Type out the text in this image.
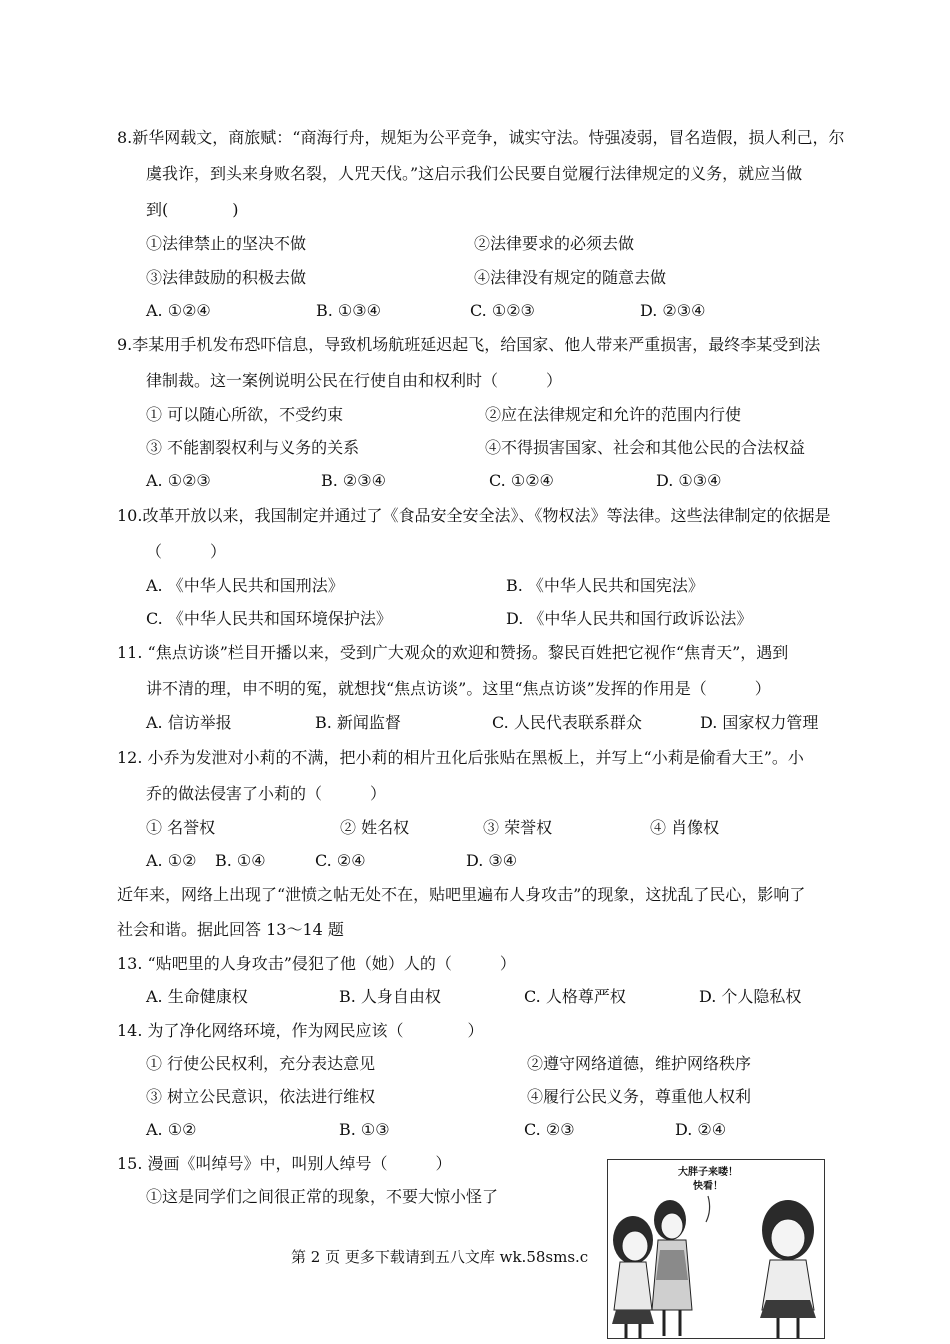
8.新华网载文，商旅赋：“商海行舟，规矩为公平竞争，诚实守法。恃强凌弱，冒名造假，损人利己，尔
虞我诈，到头来身败名裂，人咒天伐。”这启示我们公民要自觉履行法律规定的义务，就应当做
到(　　　　)
①法律禁止的坚决不做	②法律要求的必须去做
③法律鼓励的积极去做	④法律没有规定的随意去做
A. ①②④	B. ①③④	C. ①②③	D. ②③④
9.李某用手机发布恐吓信息，导致机场航班延迟起飞，给国家、他人带来严重损害，最终李某受到法
律制裁。这一案例说明公民在行使自由和权利时（　　　）
① 可以随心所欲，不受约束	②应在法律规定和允许的范围内行使
③ 不能割裂权利与义务的关系	④不得损害国家、社会和其他公民的合法权益
A. ①②③	B. ②③④	C. ①②④	D. ①③④
10.改革开放以来，我国制定并通过了《食品安全安全法》、《物权法》等法律。这些法律制定的依据是
（　　　）
A. 《中华人民共和国刑法》	B. 《中华人民共和国宪法》
C. 《中华人民共和国环境保护法》	D. 《中华人民共和国行政诉讼法》
11. “焦点访谈”栏目开播以来，受到广大观众的欢迎和赞扬。黎民百姓把它视作“焦青天”，遇到
讲不清的理，申不明的冤，就想找“焦点访谈”。这里“焦点访谈”发挥的作用是（　　　）
A. 信访举报	B. 新闻监督	C. 人民代表联系群众	D. 国家权力管理
12. 小乔为发泄对小莉的不满，把小莉的相片丑化后张贴在黑板上，并写上“小莉是偷看大王”。小
乔的做法侵害了小莉的（　　　）
① 名誉权	② 姓名权	③ 荣誉权	④ 肖像权
A. ①② B. ①④	C. ②④	D. ③④
近年来，网络上出现了“泄愤之帖无处不在，贴吧里遍布人身攻击”的现象，这扰乱了民心，影响了
社会和谐。据此回答 13～14 题
13. “贴吧里的人身攻击”侵犯了他（她）人的（　　　）
A. 生命健康权	B. 人身自由权	C. 人格尊严权	D. 个人隐私权
14. 为了净化网络环境，作为网民应该（　　　　）
① 行使公民权利，充分表达意见	②遵守网络道德，维护网络秩序
③ 树立公民意识，依法进行维权	④履行公民义务，尊重他人权利
A. ①②	B. ①③	C. ②③	D. ②④
15. 漫画《叫绰号》中，叫别人绰号（　　　）
①这是同学们之间很正常的现象，不要大惊小怪了
大胖子来喽！
快看！
第 2 页 更多下载请到五八文库 wk.58sms.c
